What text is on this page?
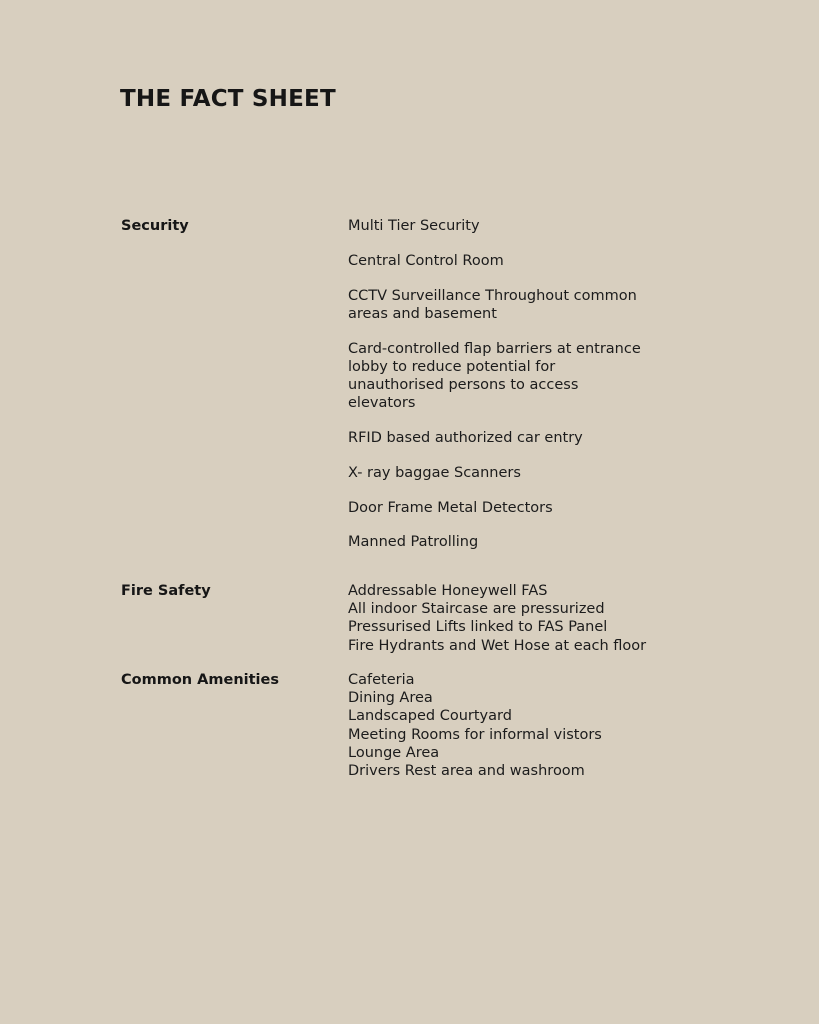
THE FACT SHEET
Security	Multi Tier Security
Central Control Room
CCTV Surveillance Throughout common areas and basement
Card-controlled flap barriers at entrance lobby to reduce potential for unauthorised persons to access elevators
RFID based authorized car entry
X- ray baggae Scanners
Door Frame Metal Detectors
Manned Patrolling
Fire Safety	Addressable Honeywell FAS
All indoor Staircase are pressurized
Pressurised Lifts linked to FAS Panel
Fire Hydrants and Wet Hose at each floor
Common Amenities	Cafeteria
Dining Area
Landscaped Courtyard
Meeting Rooms for informal vistors
Lounge Area
Drivers Rest area and washroom
